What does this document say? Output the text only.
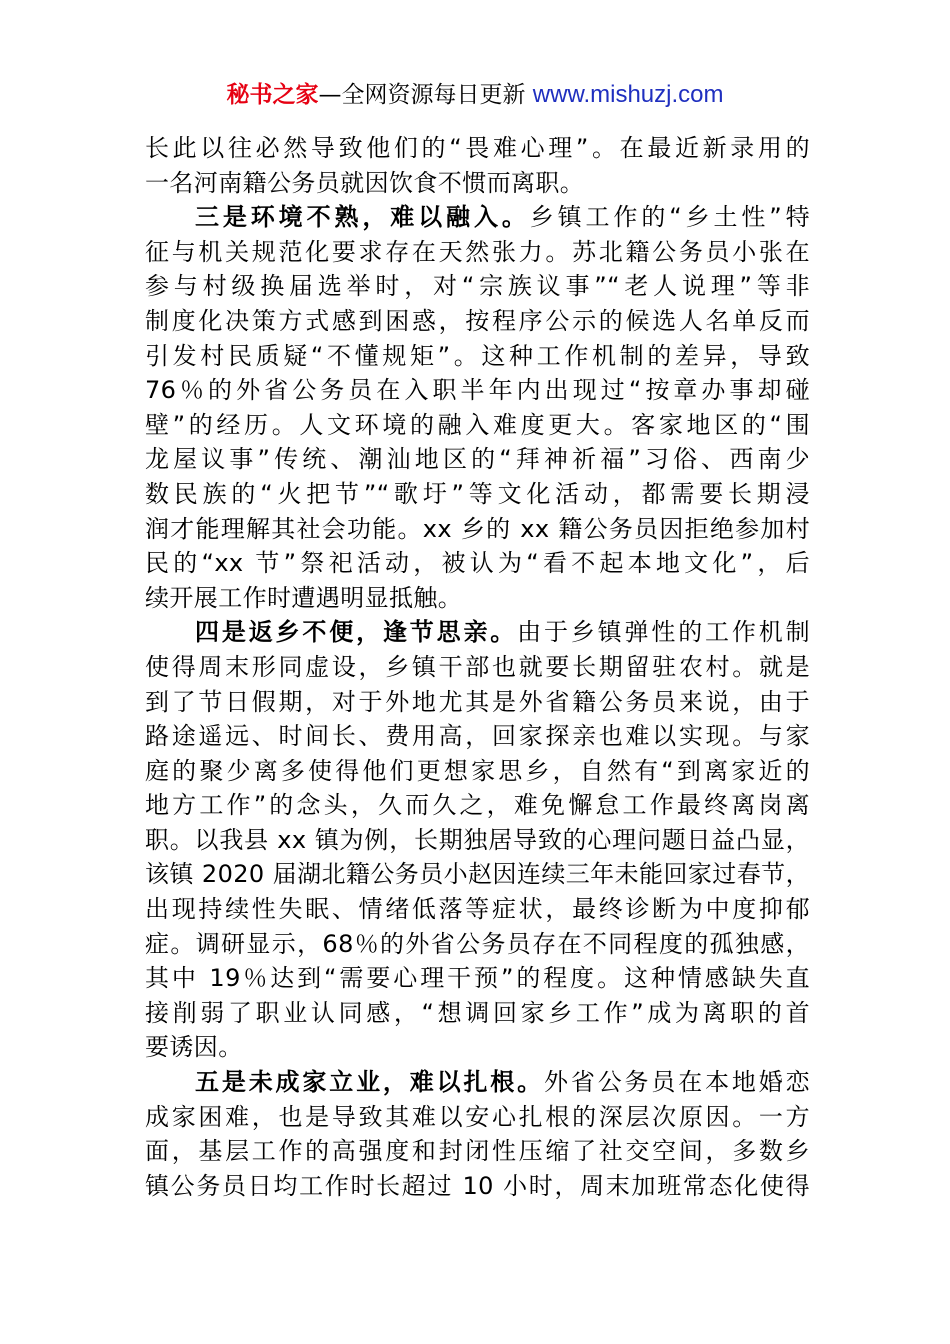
秘书之家—全网资源每日更新 www.mishuzj.com
长此以往必然导致他们的“畏难心理”。在最近新录用的
一名河南籍公务员就因饮食不惯而离职。
三是环境不熟，难以融入。乡镇工作的“乡土性”特
征与机关规范化要求存在天然张力。苏北籍公务员小张在
参与村级换届选举时，对“宗族议事”“老人说理”等非
制度化决策方式感到困惑，按程序公示的候选人名单反而
引发村民质疑“不懂规矩”。这种工作机制的差异，导致
76％的外省公务员在入职半年内出现过“按章办事却碰
壁”的经历。人文环境的融入难度更大。客家地区的“围
龙屋议事”传统、潮汕地区的“拜神祈福”习俗、西南少
数民族的“火把节”“歌圩”等文化活动，都需要长期浸
润才能理解其社会功能。xx 乡的 xx 籍公务员因拒绝参加村
民的“xx 节”祭祀活动，被认为“看不起本地文化”，后
续开展工作时遭遇明显抵触。
四是返乡不便，逢节思亲。由于乡镇弹性的工作机制
使得周末形同虚设，乡镇干部也就要长期留驻农村。就是
到了节日假期，对于外地尤其是外省籍公务员来说，由于
路途遥远、时间长、费用高，回家探亲也难以实现。与家
庭的聚少离多使得他们更想家思乡，自然有“到离家近的
地方工作”的念头，久而久之，难免懈怠工作最终离岗离
职。以我县 xx 镇为例，长期独居导致的心理问题日益凸显，
该镇 2020 届湖北籍公务员小赵因连续三年未能回家过春节，
出现持续性失眠、情绪低落等症状，最终诊断为中度抑郁
症。调研显示，68％的外省公务员存在不同程度的孤独感，
其中 19％达到“需要心理干预”的程度。这种情感缺失直
接削弱了职业认同感，“想调回家乡工作”成为离职的首
要诱因。
五是未成家立业，难以扎根。外省公务员在本地婚恋
成家困难，也是导致其难以安心扎根的深层次原因。一方
面，基层工作的高强度和封闭性压缩了社交空间，多数乡
镇公务员日均工作时长超过 10 小时，周末加班常态化使得
